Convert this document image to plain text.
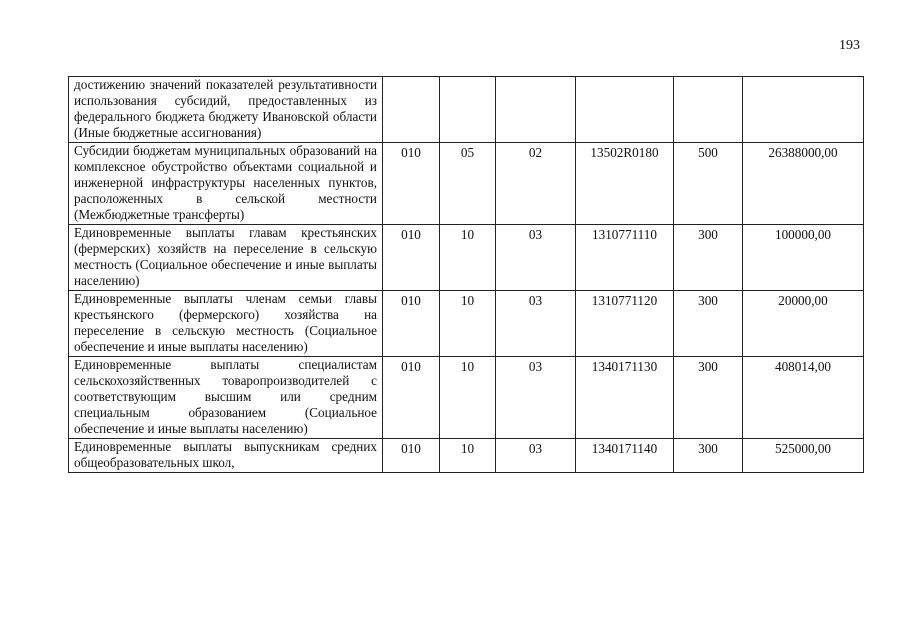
193
достижению значений показателей результативности использования субсидий, предоставленных из федерального бюджета бюджету Ивановской области (Иные бюджетные ассигнования)						
Субсидии бюджетам муниципальных образований на комплексное обустройство объектами социальной и инженерной инфраструктуры населенных пунктов, расположенных в сельской местности (Межбюджетные трансферты)	010	05	02	13502R0180	500	26388000,00
Единовременные выплаты главам крестьянских (фермерских) хозяйств на переселение в сельскую местность (Социальное обеспечение и иные выплаты населению)	010	10	03	1310771110	300	100000,00
Единовременные выплаты членам семьи главы крестьянского (фермерского) хозяйства на переселение в сельскую местность (Социальное обеспечение и иные выплаты населению)	010	10	03	1310771120	300	20000,00
Единовременные выплаты специалистам сельскохозяйственных товаропроизводителей с соответствующим высшим или средним специальным образованием (Социальное обеспечение и иные выплаты населению)	010	10	03	1340171130	300	408014,00
Единовременные выплаты выпускникам средних общеобразовательных школ,	010	10	03	1340171140	300	525000,00
